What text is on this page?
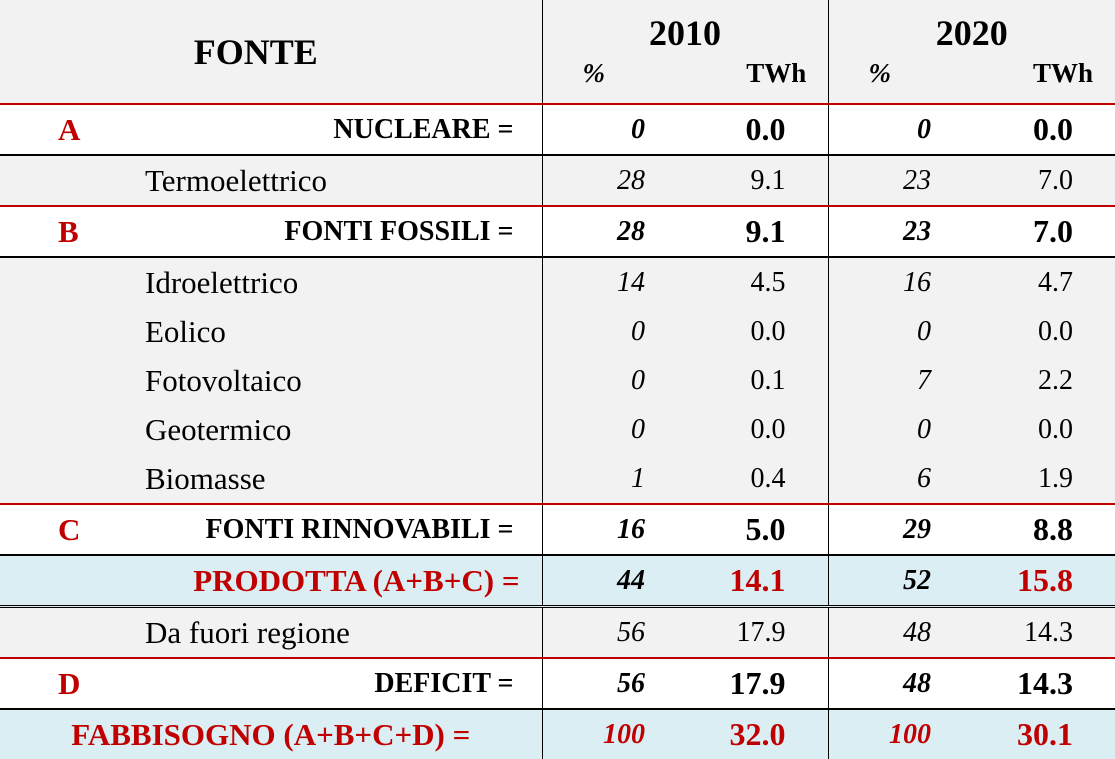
FONTE	2010		2020	
	%	TWh	%	TWh

A NUCLEARE =	0	0.0	0	0.0
Termoelettrico	28	9.1	23	7.0

B FONTI FOSSILI =	28	9.1	23	7.0
Idroelettrico	14	4.5	16	4.7
Eolico	0	0.0	0	0.0
Fotovoltaico	0	0.1	7	2.2
Geotermico	0	0.0	0	0.0
Biomasse	1	0.4	6	1.9

C FONTI RINNOVABILI =	16	5.0	29	8.8
PRODOTTA (A+B+C) =	44	14.1	52	15.8
Da fuori regione	56	17.9	48	14.3

D DEFICIT =	56	17.9	48	14.3
FABBISOGNO (A+B+C+D) =	100	32.0	100	30.1
